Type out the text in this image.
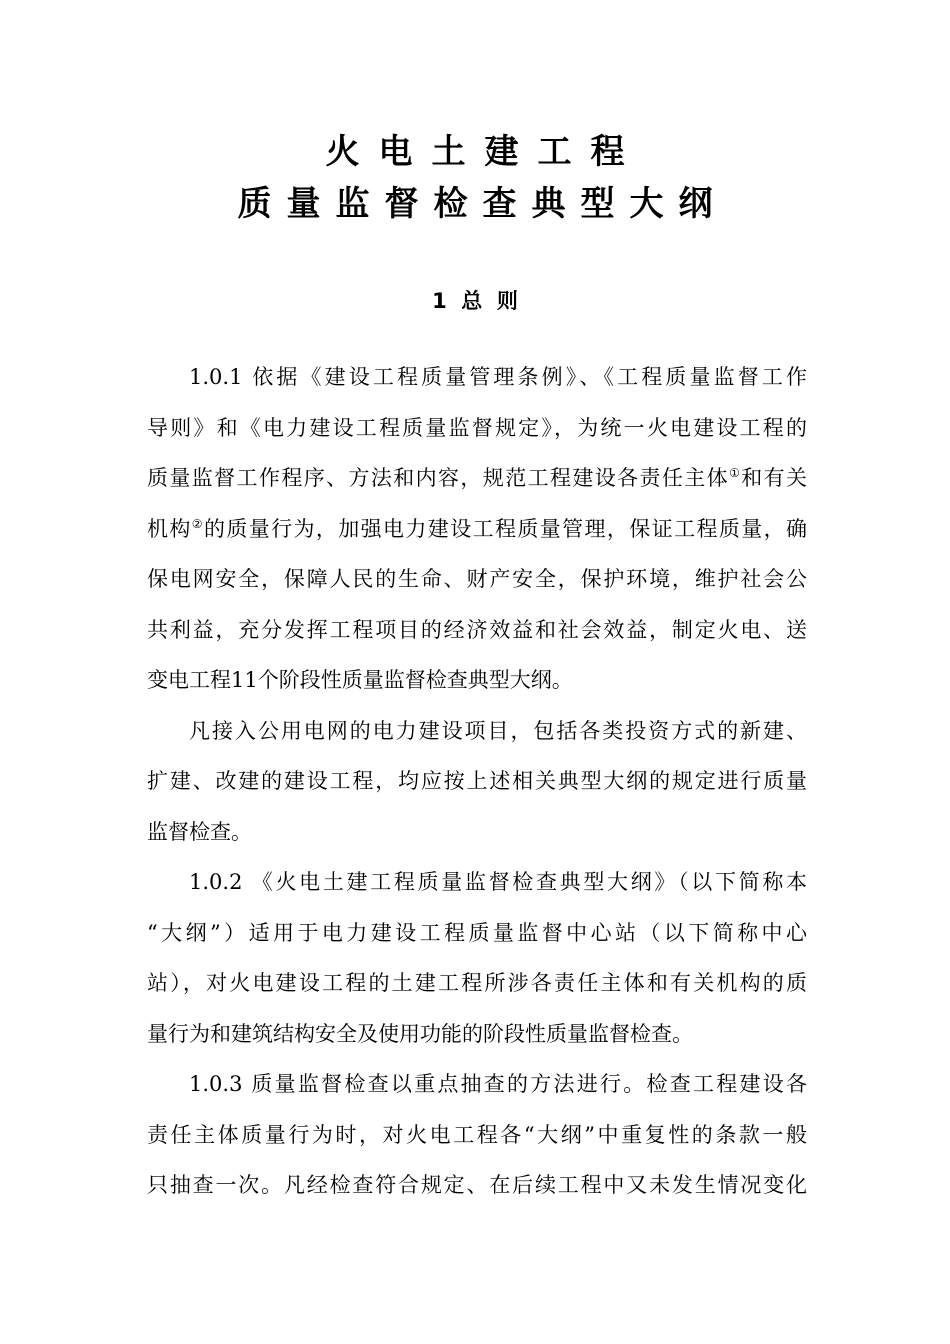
火电土建工程
质量监督检查典型大纲
1  总  则
1.0.1 依据《建设工程质量管理条例》、《工程质量监督工作
导则》和《电力建设工程质量监督规定》，为统一火电建设工程的
质量监督工作程序、方法和内容，规范工程建设各责任主体①和有关
机构②的质量行为，加强电力建设工程质量管理，保证工程质量，确
保电网安全，保障人民的生命、财产安全，保护环境，维护社会公
共利益，充分发挥工程项目的经济效益和社会效益，制定火电、送
变电工程11个阶段性质量监督检查典型大纲。
凡接入公用电网的电力建设项目，包括各类投资方式的新建、
扩建、改建的建设工程，均应按上述相关典型大纲的规定进行质量
监督检查。
1.0.2 《火电土建工程质量监督检查典型大纲》（以下简称本
“大纲”）适用于电力建设工程质量监督中心站（以下简称中心
站），对火电建设工程的土建工程所涉各责任主体和有关机构的质
量行为和建筑结构安全及使用功能的阶段性质量监督检查。
1.0.3 质量监督检查以重点抽查的方法进行。检查工程建设各
责任主体质量行为时，对火电工程各“大纲”中重复性的条款一般
只抽查一次。凡经检查符合规定、在后续工程中又未发生情况变化
